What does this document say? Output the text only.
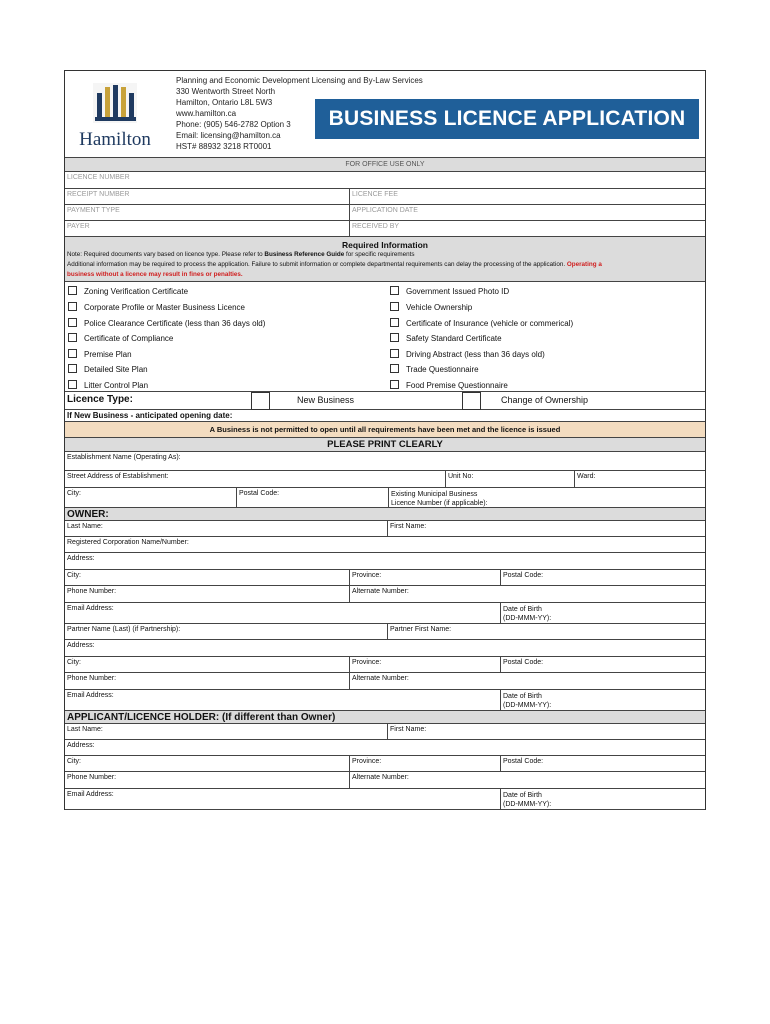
Hamilton
Planning and Economic Development Licensing and By-Law Services
330 Wentworth Street North
Hamilton, Ontario L8L 5W3
www.hamilton.ca
Phone: (905) 546-2782 Option 3
Email: licensing@hamilton.ca
HST# 88932 3218 RT0001
BUSINESS LICENCE APPLICATION
FOR OFFICE USE ONLY
LICENCE NUMBER
RECEIPT NUMBER	LICENCE FEE
PAYMENT TYPE	APPLICATION DATE
PAYER	RECEIVED BY
Required Information
Note: Required documents vary based on licence type. Please refer to Business Reference Guide for specific requirements
Additional information may be required to process the application. Failure to submit information or complete departmental requirements can delay the processing of the application. Operating a
business without a licence may result in fines or penalties.
Zoning Verification Certificate
Corporate Profile or Master Business Licence
Police Clearance Certificate (less than 36 days old)
Certificate of Compliance
Premise Plan
Detailed Site Plan
Litter Control Plan
Government Issued Photo ID
Vehicle Ownership
Certificate of Insurance (vehicle or commerical)
Safety Standard Certificate
Driving Abstract (less than 36 days old)
Trade Questionnaire
Food Premise Questionnaire
Licence Type:	New Business	Change of Ownership
If New Business - anticipated opening date:
A Business is not permitted to open until all requirements have been met and the licence is issued
PLEASE PRINT CLEARLY
Establishment Name (Operating As):
Street Address of Establishment:	Unit No:	Ward:
City:	Postal Code:	Existing Municipal Business
Licence Number (if applicable):
OWNER:
Last Name:	First Name:
Registered Corporation Name/Number:
Address:
City:	Province:	Postal Code:
Phone Number:	Alternate Number:
Email Address:	Date of Birth
(DD-MMM-YY):
Partner Name (Last) (if Partnership):	Partner First Name:
Address:
City:	Province:	Postal Code:
Phone Number:	Alternate Number:
Email Address:	Date of Birth
(DD-MMM-YY):
APPLICANT/LICENCE HOLDER: (If different than Owner)
Last Name:	First Name:
Address:
City:	Province:	Postal Code:
Phone Number:	Alternate Number:
Email Address:	Date of Birth
(DD-MMM-YY):
